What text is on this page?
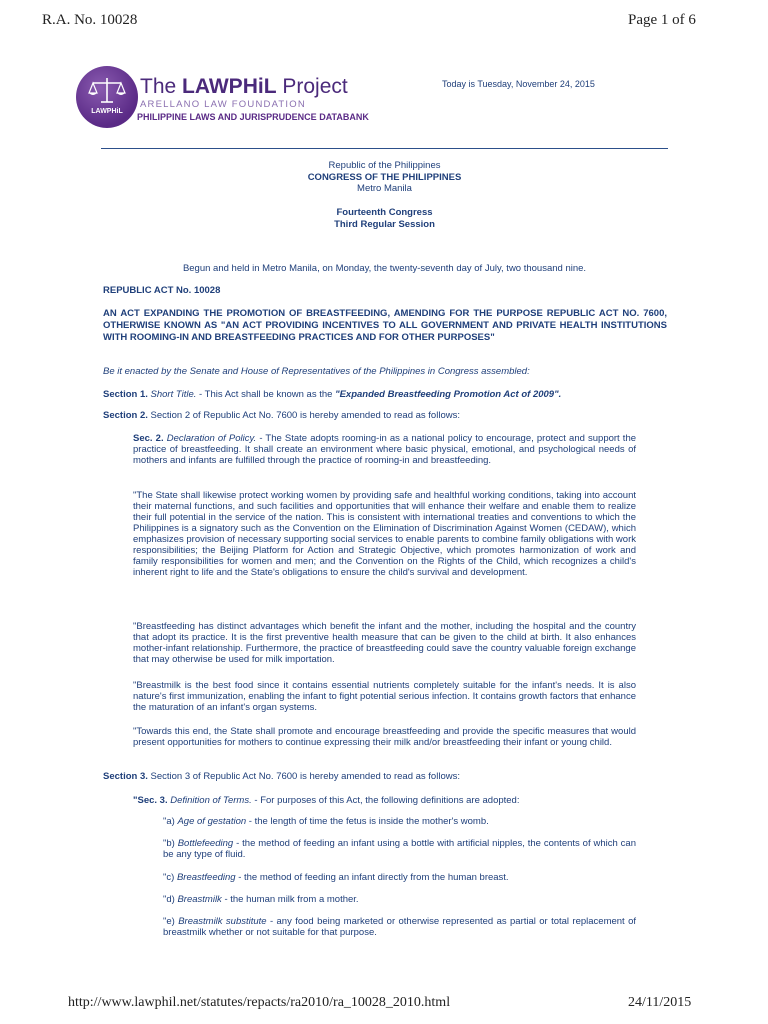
R.A. No. 10028	Page 1 of 6
LAWPHiL
The LAWPHiL Project
ARELLANO LAW FOUNDATION
PHILIPPINE LAWS AND JURISPRUDENCE DATABANK
Today is Tuesday, November 24, 2015
Republic of the Philippines
CONGRESS OF THE PHILIPPINES
Metro Manila
Fourteenth Congress
Third Regular Session
Begun and held in Metro Manila, on Monday, the twenty-seventh day of July, two thousand nine.
REPUBLIC ACT No. 10028
AN ACT EXPANDING THE PROMOTION OF BREASTFEEDING, AMENDING FOR THE PURPOSE REPUBLIC ACT NO. 7600, OTHERWISE KNOWN AS "AN ACT PROVIDING INCENTIVES TO ALL GOVERNMENT AND PRIVATE HEALTH INSTITUTIONS WITH ROOMING-IN AND BREASTFEEDING PRACTICES AND FOR OTHER PURPOSES"
Be it enacted by the Senate and House of Representatives of the Philippines in Congress assembled:
Section 1. Short Title. - This Act shall be known as the "Expanded Breastfeeding Promotion Act of 2009".
Section 2. Section 2 of Republic Act No. 7600 is hereby amended to read as follows:
Sec. 2. Declaration of Policy. - The State adopts rooming-in as a national policy to encourage, protect and support the practice of breastfeeding. It shall create an environment where basic physical, emotional, and psychological needs of mothers and infants are fulfilled through the practice of rooming-in and breastfeeding.
"The State shall likewise protect working women by providing safe and healthful working conditions, taking into account their maternal functions, and such facilities and opportunities that will enhance their welfare and enable them to realize their full potential in the service of the nation. This is consistent with international treaties and conventions to which the Philippines is a signatory such as the Convention on the Elimination of Discrimination Against Women (CEDAW), which emphasizes provision of necessary supporting social services to enable parents to combine family obligations with work responsibilities; the Beijing Platform for Action and Strategic Objective, which promotes harmonization of work and family responsibilities for women and men; and the Convention on the Rights of the Child, which recognizes a child's inherent right to life and the State's obligations to ensure the child's survival and development.
"Breastfeeding has distinct advantages which benefit the infant and the mother, including the hospital and the country that adopt its practice. It is the first preventive health measure that can be given to the child at birth. It also enhances mother-infant relationship. Furthermore, the practice of breastfeeding could save the country valuable foreign exchange that may otherwise be used for milk importation.
"Breastmilk is the best food since it contains essential nutrients completely suitable for the infant's needs. It is also nature's first immunization, enabling the infant to fight potential serious infection. It contains growth factors that enhance the maturation of an infant's organ systems.
"Towards this end, the State shall promote and encourage breastfeeding and provide the specific measures that would present opportunities for mothers to continue expressing their milk and/or breastfeeding their infant or young child.
Section 3. Section 3 of Republic Act No. 7600 is hereby amended to read as follows:
"Sec. 3. Definition of Terms. - For purposes of this Act, the following definitions are adopted:
"a) Age of gestation - the length of time the fetus is inside the mother's womb.
"b) Bottlefeeding - the method of feeding an infant using a bottle with artificial nipples, the contents of which can be any type of fluid.
"c) Breastfeeding - the method of feeding an infant directly from the human breast.
"d) Breastmilk - the human milk from a mother.
"e) Breastmilk substitute - any food being marketed or otherwise represented as partial or total replacement of breastmilk whether or not suitable for that purpose.
http://www.lawphil.net/statutes/repacts/ra2010/ra_10028_2010.html	24/11/2015
